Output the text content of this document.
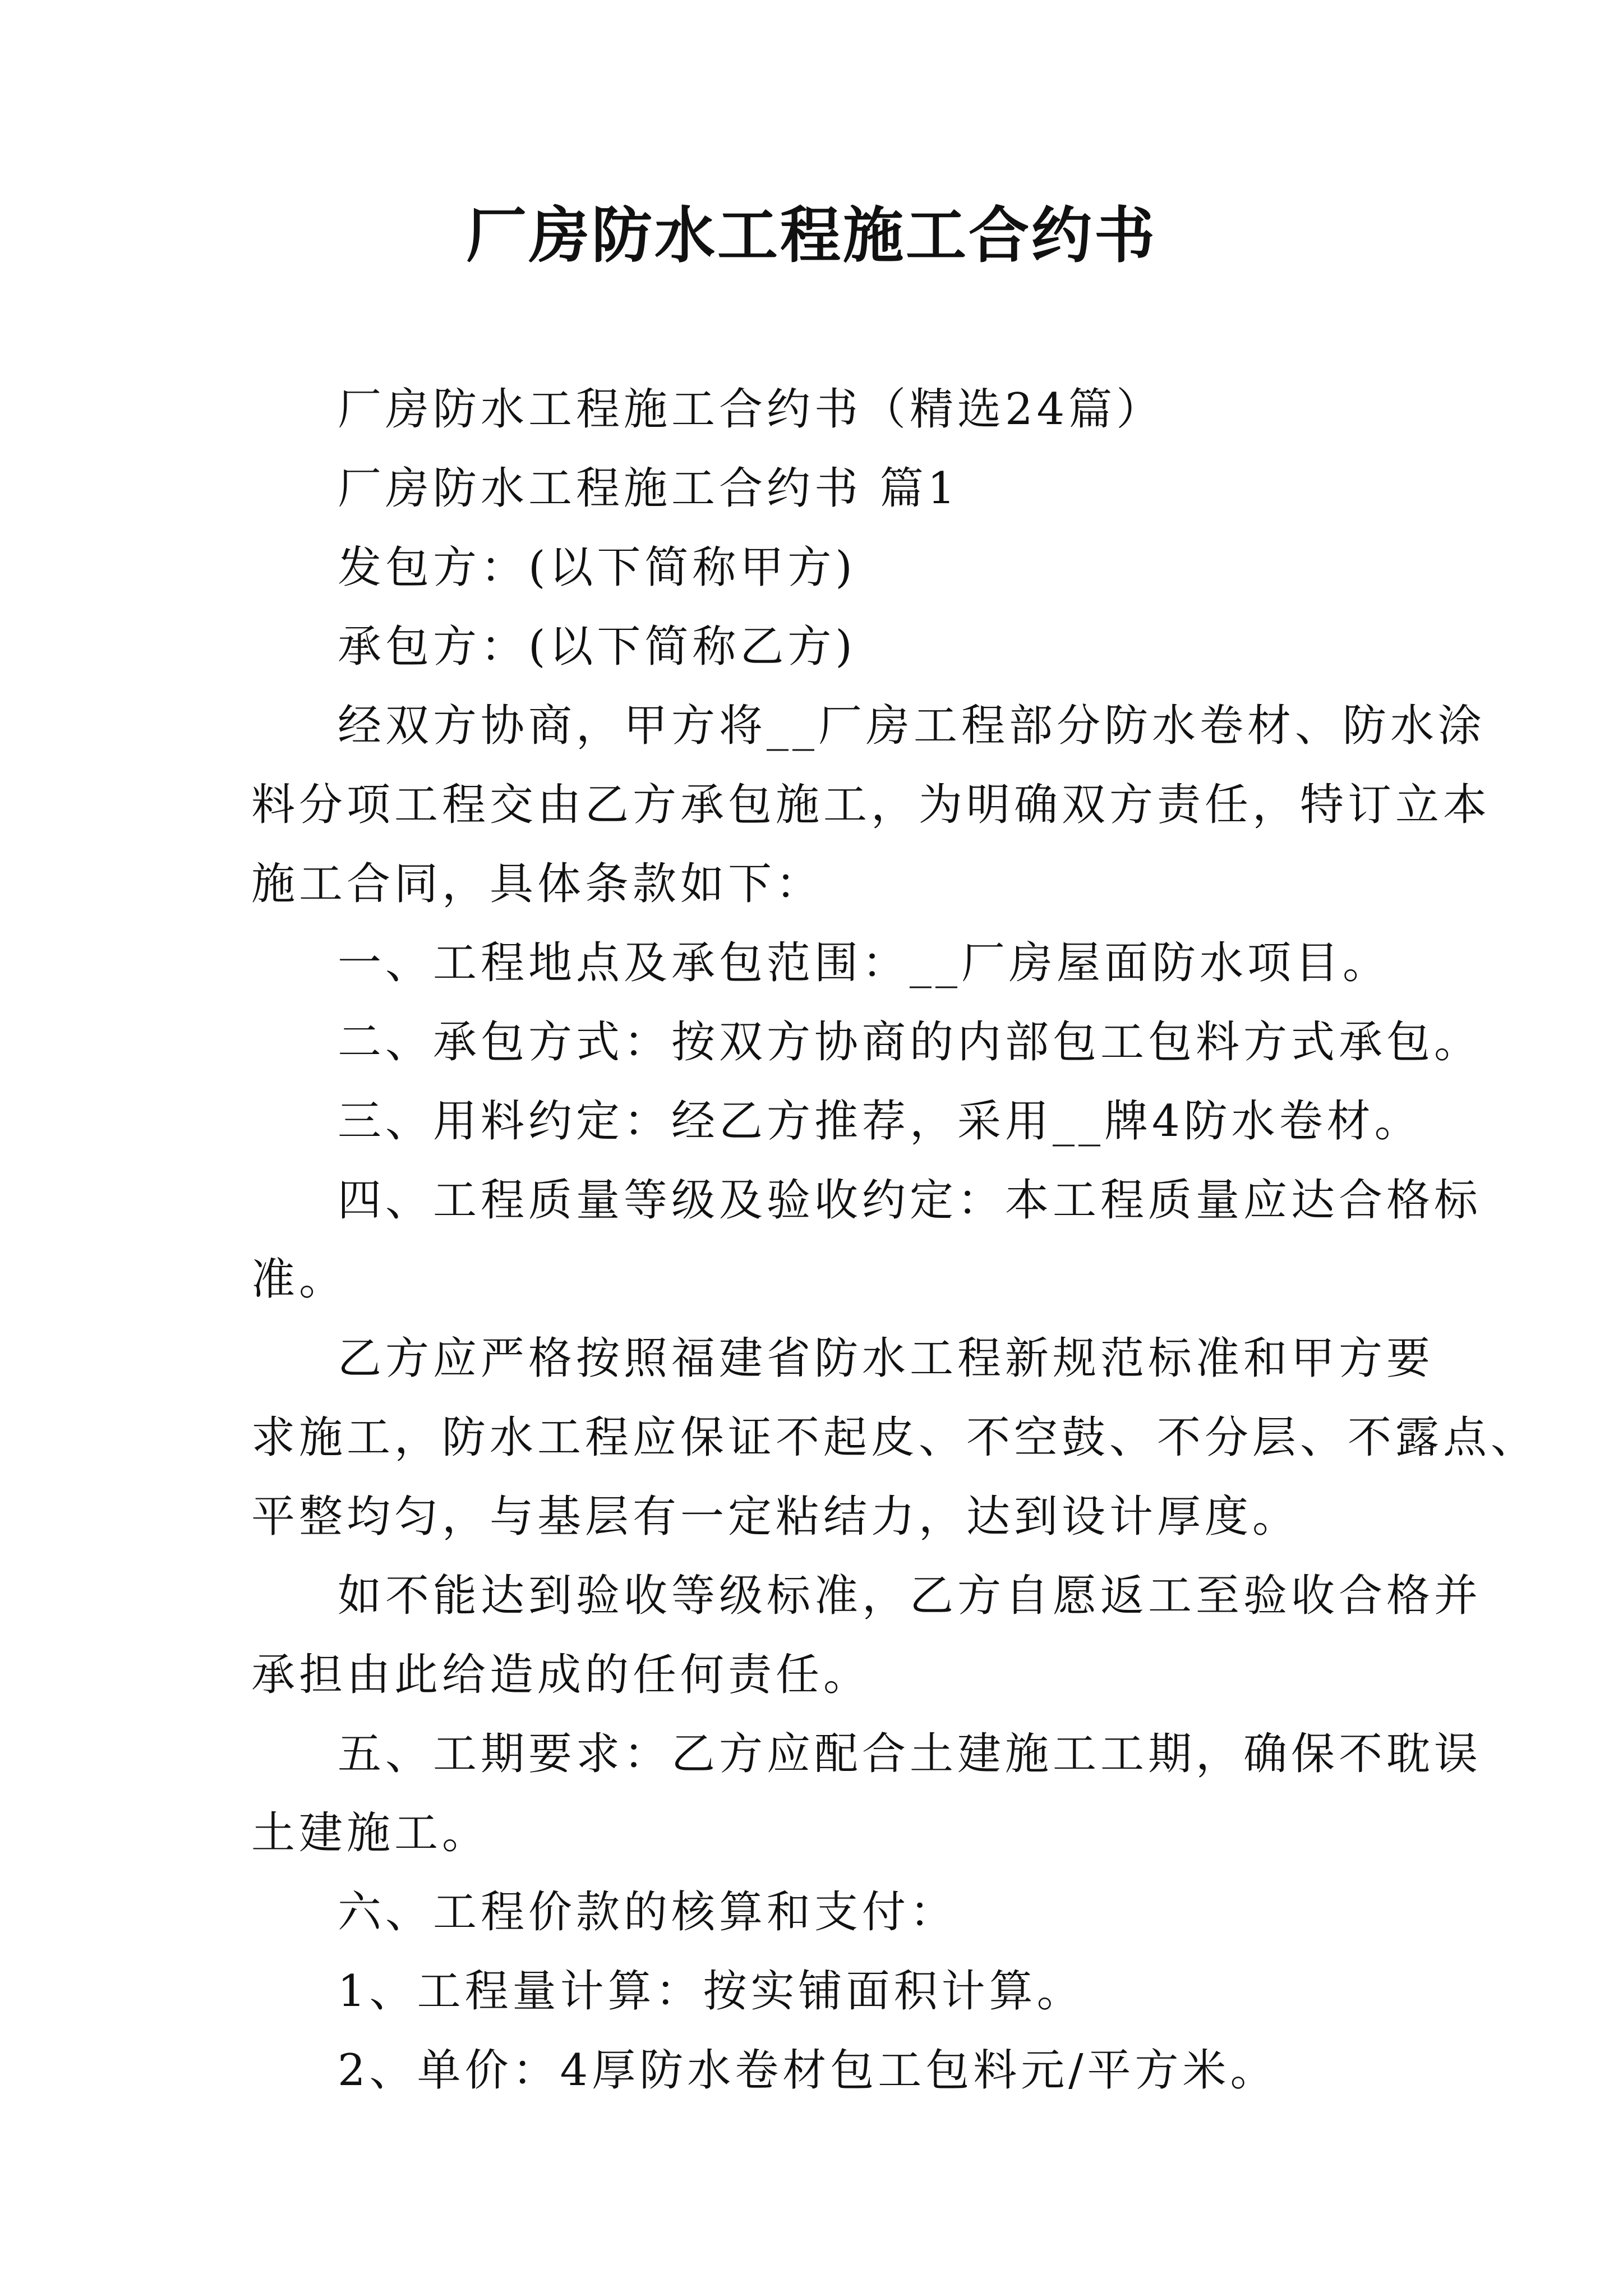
厂房防水工程施工合约书
厂房防水工程施工合约书（精选24篇）
厂房防水工程施工合约书 篇1
发包方：(以下简称甲方)
承包方：(以下简称乙方)
经双方协商，甲方将__厂房工程部分防水卷材、防水涂
料分项工程交由乙方承包施工，为明确双方责任，特订立本
施工合同，具体条款如下：
一、工程地点及承包范围：__厂房屋面防水项目。
二、承包方式：按双方协商的内部包工包料方式承包。
三、用料约定：经乙方推荐，采用__牌4防水卷材。
四、工程质量等级及验收约定：本工程质量应达合格标
准。
乙方应严格按照福建省防水工程新规范标准和甲方要
求施工，防水工程应保证不起皮、不空鼓、不分层、不露点、
平整均匀，与基层有一定粘结力，达到设计厚度。
如不能达到验收等级标准，乙方自愿返工至验收合格并
承担由此给造成的任何责任。
五、工期要求：乙方应配合土建施工工期，确保不耽误
土建施工。
六、工程价款的核算和支付：
1、工程量计算：按实铺面积计算。
2、单价：4厚防水卷材包工包料元/平方米。
